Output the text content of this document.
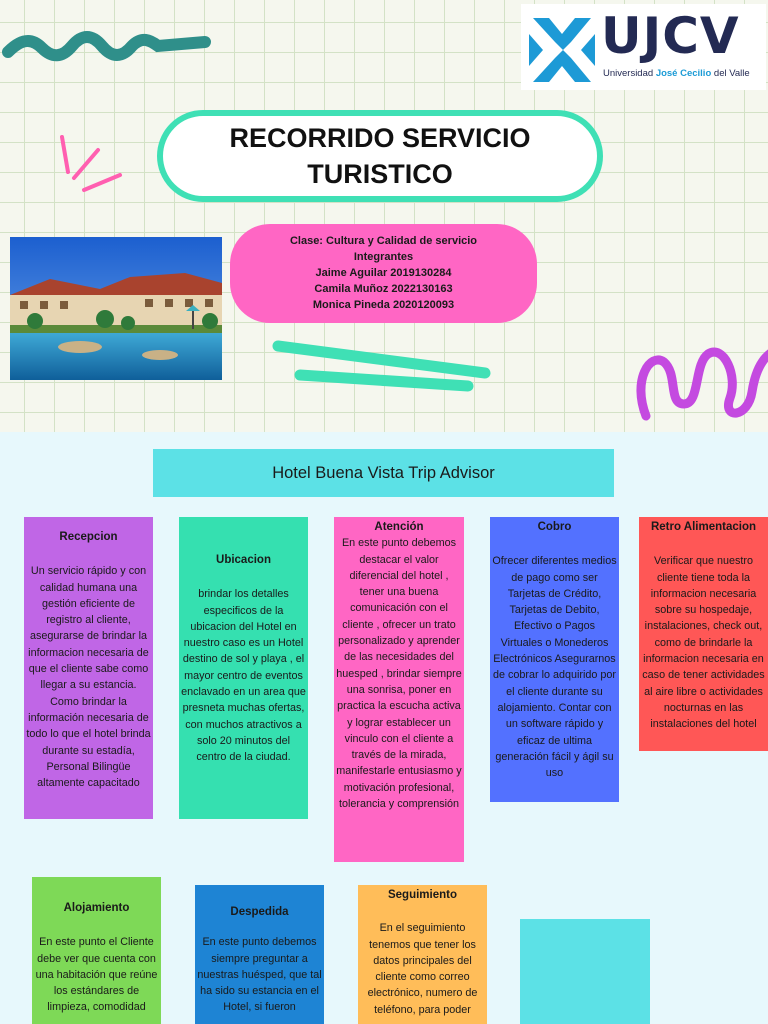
UJCV
Universidad José Cecilio del Valle
RECORRIDO SERVICIO TURISTICO
Clase: Cultura y Calidad de servicio
Integrantes
Jaime Aguilar 2019130284
Camila Muñoz 2022130163
Monica Pineda 2020120093
Hotel Buena Vista Trip Advisor
Recepcion
Un servicio rápido y con calidad humana una gestión eficiente de registro al cliente, asegurarse de brindar la informacion necesaria de que el cliente sabe como llegar a su estancia. Como brindar la información necesaria de todo lo que el hotel brinda durante su estadía, Personal Bilingüe altamente capacitado
Ubicacion
brindar los detalles especificos de la ubicacion del Hotel en nuestro caso es un Hotel destino de sol y playa , el mayor centro de eventos enclavado en un area que presneta muchas ofertas, con muchos atractivos a solo 20 minutos del centro de la ciudad.
Atención
En este punto debemos destacar el valor diferencial del hotel , tener una buena comunicación con el cliente , ofrecer un trato personalizado y aprender de las necesidades del huesped , brindar siempre una sonrisa, poner en practica la escucha activa y lograr establecer un vinculo con el cliente a través de la mirada, manifestarle entusiasmo y motivación profesional, tolerancia y comprensión
Cobro
Ofrecer diferentes medios de pago como ser Tarjetas de Crédito, Tarjetas de Debito, Efectivo o Pagos Virtuales o Monederos Electrónicos Asegurarnos de cobrar lo adquirido por el cliente durante su alojamiento. Contar con un software rápido y eficaz de ultima generación fácil y ágil su uso
Retro Alimentacion
Verificar que nuestro cliente tiene toda la informacion necesaria sobre su hospedaje, instalaciones, check out, como de brindarle la informacion necesaria en caso de tener actividades al aire libre o actividades nocturnas en las instalaciones del hotel
Alojamiento
En este punto el Cliente debe ver que cuenta con una habitación que reúne los estándares de limpieza, comodidad
Despedida
En este punto debemos siempre preguntar a nuestras huésped, que tal ha sido su estancia en el Hotel, si fueron
Seguimiento
En el seguimiento tenemos que tener los datos principales del cliente como correo electrónico, numero de teléfono, para poder
